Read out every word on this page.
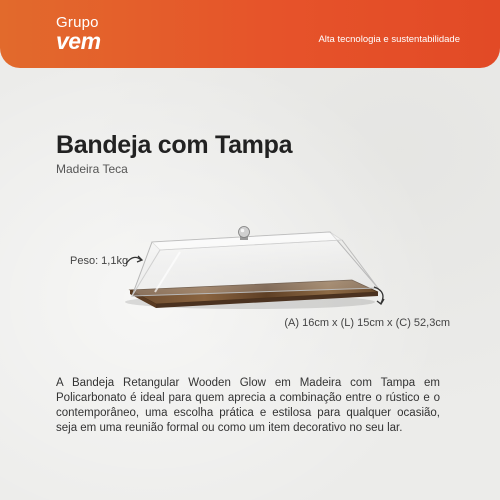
Grupo
vem	Alta tecnologia e sustentabilidade
Bandeja com Tampa
Madeira Teca
Peso: 1,1kg
(A) 16cm x (L) 15cm x (C) 52,3cm
A Bandeja Retangular Wooden Glow em Madeira com Tampa em Policarbonato é ideal para quem aprecia a combinação entre o rústico e o contemporâneo, uma escolha prática e estilosa para qualquer ocasião, seja em uma reunião formal ou como um item decorativo no seu lar.
